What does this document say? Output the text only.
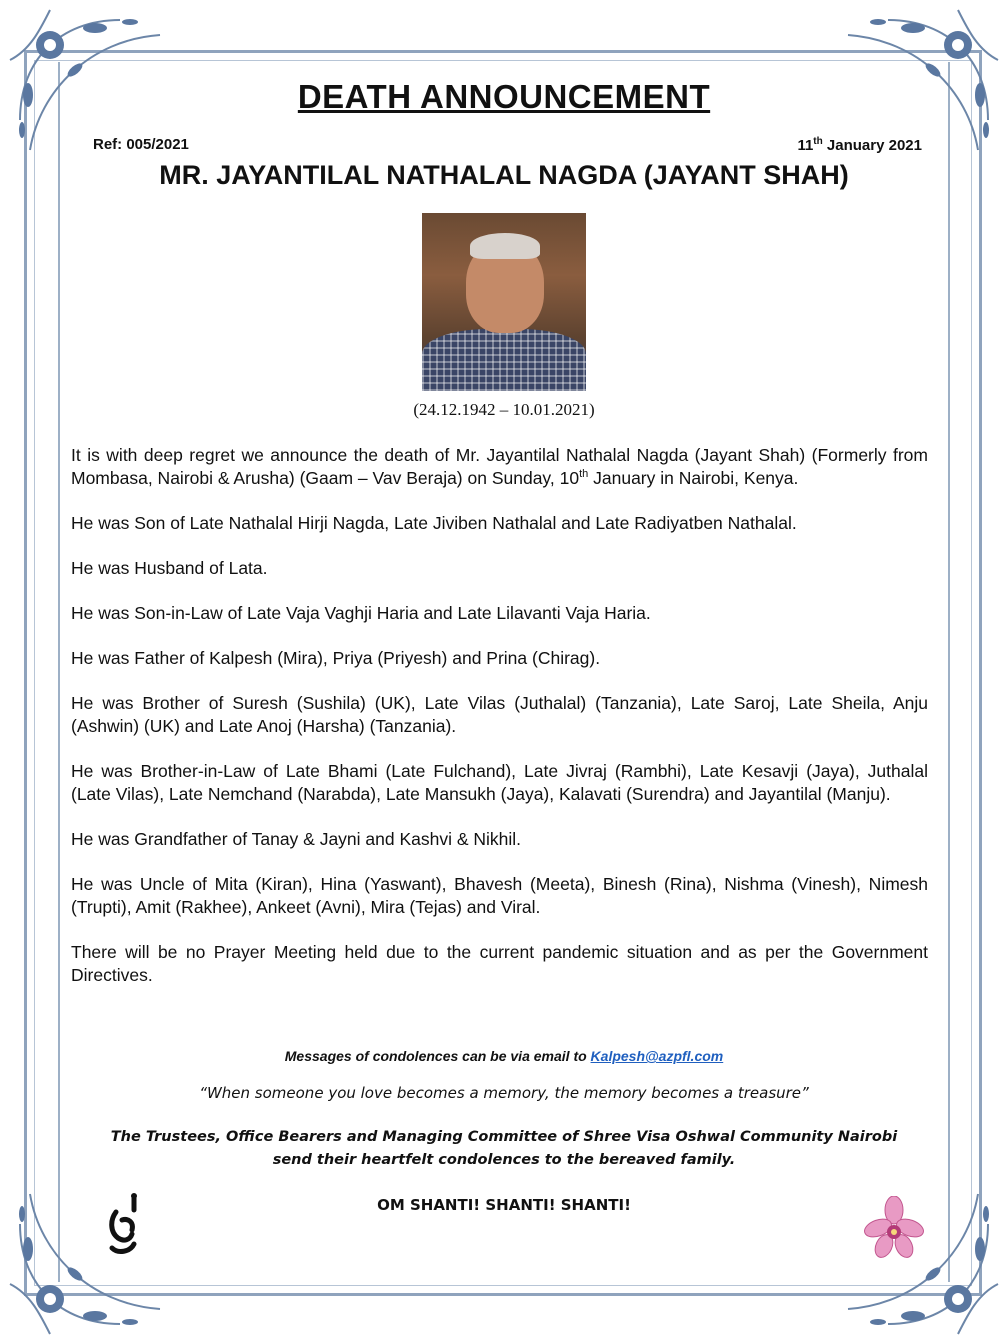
DEATH ANNOUNCEMENT
Ref: 005/2021	11th January 2021
MR. JAYANTILAL NATHALAL NAGDA (JAYANT SHAH)
(24.12.1942 – 10.01.2021)

It is with deep regret we announce the death of Mr. Jayantilal Nathalal Nagda (Jayant Shah) (Formerly from Mombasa, Nairobi & Arusha) (Gaam – Vav Beraja) on Sunday, 10th January in Nairobi, Kenya.

He was Son of Late Nathalal Hirji Nagda, Late Jiviben Nathalal and Late Radiyatben Nathalal.

He was Husband of Lata.

He was Son-in-Law of Late Vaja Vaghji Haria and Late Lilavanti Vaja Haria.

He was Father of Kalpesh (Mira), Priya (Priyesh) and Prina (Chirag).

He was Brother of Suresh (Sushila) (UK), Late Vilas (Juthalal) (Tanzania), Late Saroj, Late Sheila, Anju (Ashwin) (UK) and Late Anoj (Harsha) (Tanzania).

He was Brother-in-Law of Late Bhami (Late Fulchand), Late Jivraj (Rambhi), Late Kesavji (Jaya), Juthalal (Late Vilas), Late Nemchand (Narabda), Late Mansukh (Jaya), Kalavati (Surendra) and Jayantilal (Manju).

He was Grandfather of Tanay & Jayni and Kashvi & Nikhil.

He was Uncle of Mita (Kiran), Hina (Yaswant), Bhavesh (Meeta), Binesh (Rina), Nishma (Vinesh), Nimesh (Trupti), Amit (Rakhee), Ankeet (Avni), Mira (Tejas) and Viral.

There will be no Prayer Meeting held due to the current pandemic situation and as per the Government Directives.

Messages of condolences can be via email to Kalpesh@azpfl.com
“When someone you love becomes a memory, the memory becomes a treasure”
The Trustees, Office Bearers and Managing Committee of Shree Visa Oshwal Community Nairobi
send their heartfelt condolences to the bereaved family.
OM SHANTI! SHANTI! SHANTI!
